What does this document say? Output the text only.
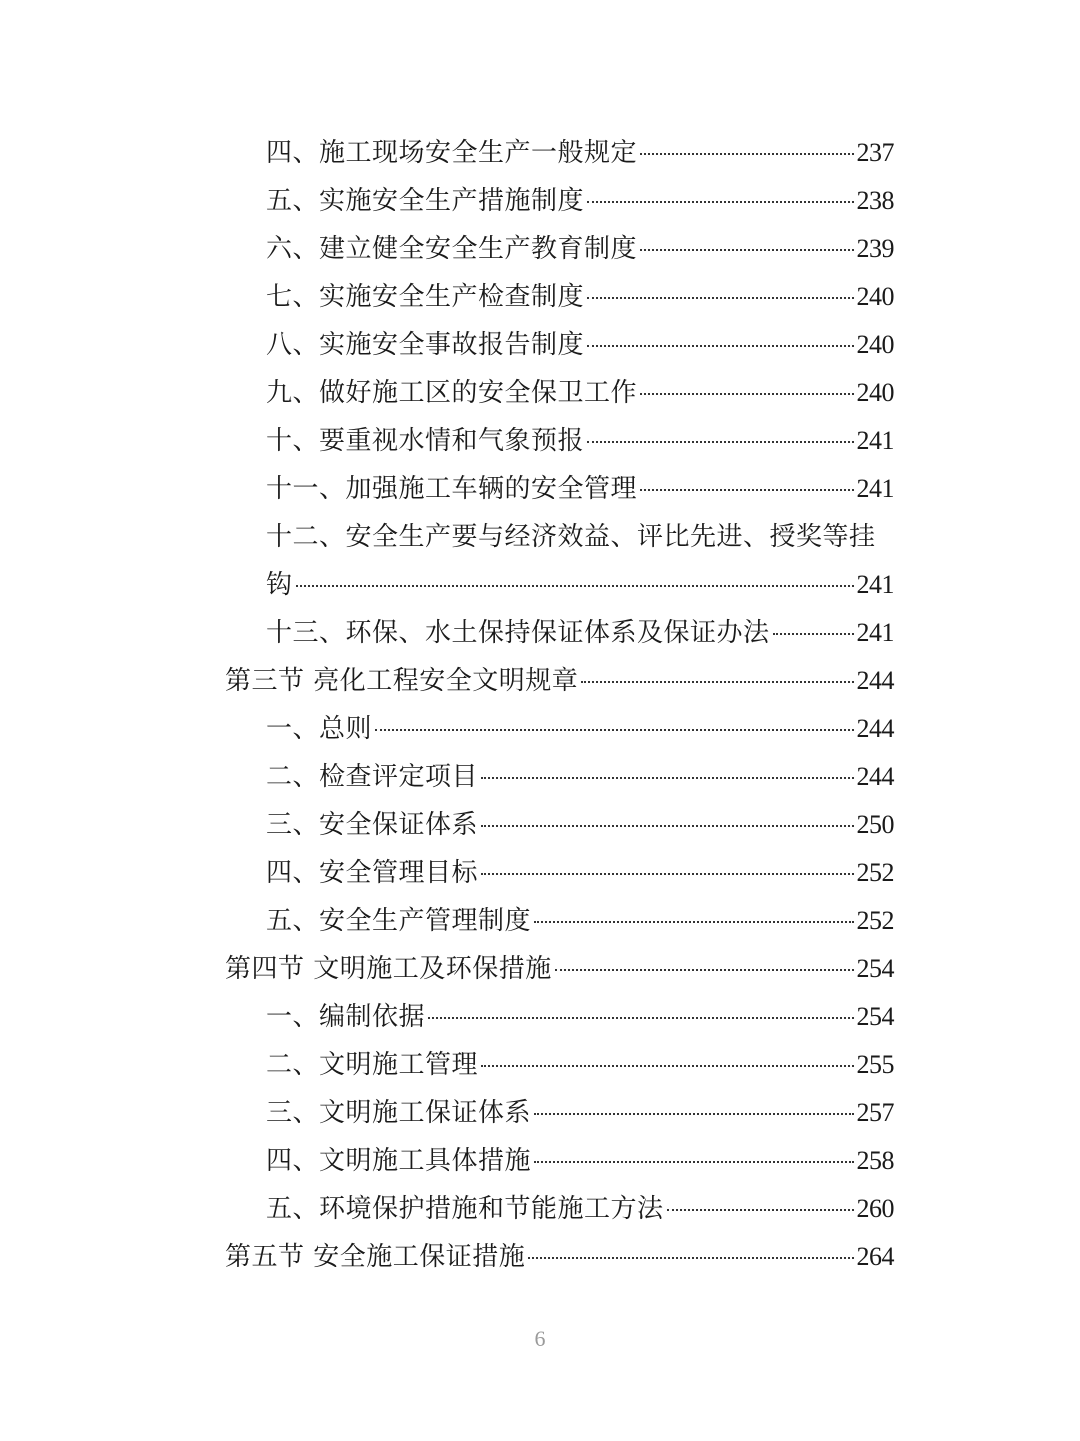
四、施工现场安全生产一般规定	237
五、实施安全生产措施制度	238
六、建立健全安全生产教育制度	239
七、实施安全生产检查制度	240
八、实施安全事故报告制度	240
九、做好施工区的安全保卫工作	240
十、要重视水情和气象预报	241
十一、加强施工车辆的安全管理	241
十二、安全生产要与经济效益、评比先进、授奖等挂
钩	241
十三、环保、水土保持保证体系及保证办法	241
第三节 亮化工程安全文明规章	244
一、总则	244
二、检查评定项目	244
三、安全保证体系	250
四、安全管理目标	252
五、安全生产管理制度	252
第四节 文明施工及环保措施	254
一、编制依据	254
二、文明施工管理	255
三、文明施工保证体系	257
四、文明施工具体措施	258
五、环境保护措施和节能施工方法	260
第五节 安全施工保证措施	264
6
